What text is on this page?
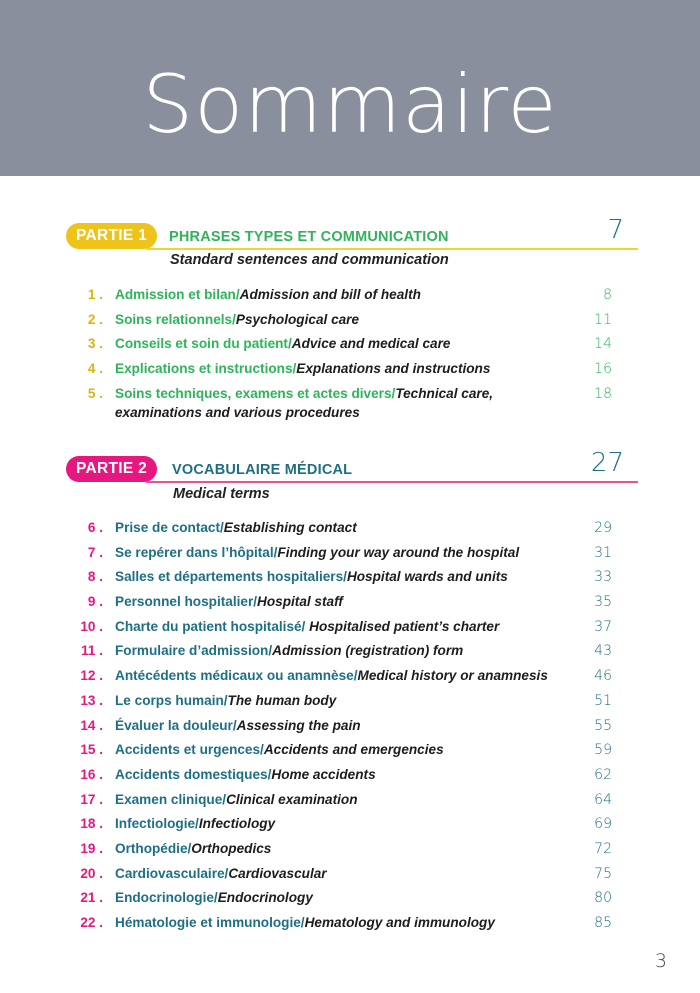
Sommaire
PARTIE 1	PHRASES TYPES ET COMMUNICATION	7
Standard sentences and communication
1 . Admission et bilan/Admission and bill of health	8
2 . Soins relationnels/Psychological care	11
3 . Conseils et soin du patient/Advice and medical care	14
4 . Explications et instructions/Explanations and instructions	16
5 . Soins techniques, examens et actes divers/Technical care,	18
examinations and various procedures
PARTIE 2	VOCABULAIRE MÉDICAL	27
Medical terms
6 . Prise de contact/Establishing contact	29
7 . Se repérer dans l’hôpital/Finding your way around the hospital	31
8 . Salles et départements hospitaliers/Hospital wards and units	33
9 . Personnel hospitalier/Hospital staff	35
10 . Charte du patient hospitalisé/ Hospitalised patient’s charter	37
11 . Formulaire d’admission/Admission (registration) form	43
12 . Antécédents médicaux ou anamnèse/Medical history or anamnesis	46
13 . Le corps humain/The human body	51
14 . Évaluer la douleur/Assessing the pain	55
15 . Accidents et urgences/Accidents and emergencies	59
16 . Accidents domestiques/Home accidents	62
17 . Examen clinique/Clinical examination	64
18 . Infectiologie/Infectiology	69
19 . Orthopédie/Orthopedics	72
20 . Cardiovasculaire/Cardiovascular	75
21 . Endocrinologie/Endocrinology	80
22 . Hématologie et immunologie/Hematology and immunology	85
3
